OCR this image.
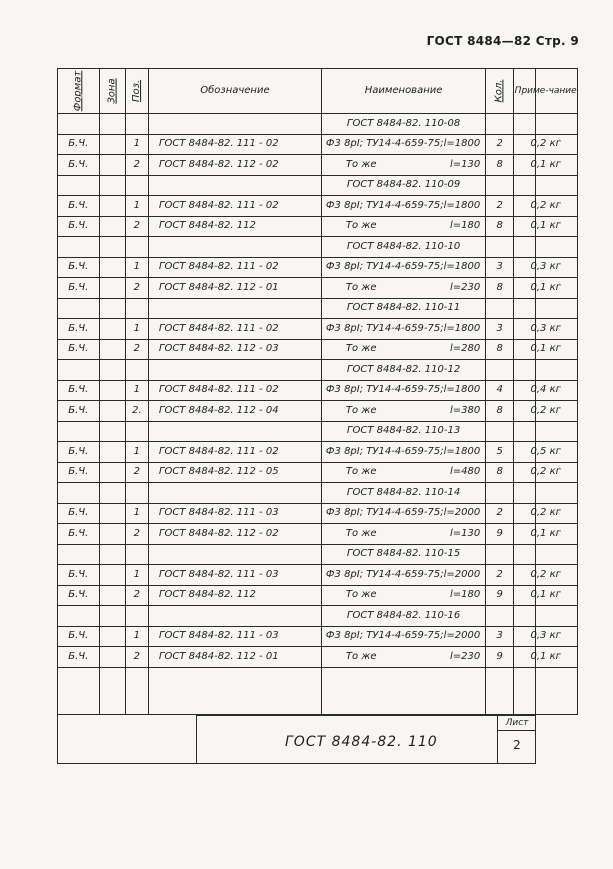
ГОСТ 8484—82 Стр. 9
Формат	Зона	Поз.	Обозначение	Наименование	Кол.	Приме-чание
				ГОСТ 8484-82. 110-08		
Б.Ч.		1	ГОСТ 8484-82. 111 - 02	Ф3 8рI; ТУ14-4-659-75; l=1800	2	0,2 кг
Б.Ч.		2	ГОСТ 8484-82. 112 - 02	То же l=130	8	0,1 кг
				ГОСТ 8484-82. 110-09		
Б.Ч.		1	ГОСТ 8484-82. 111 - 02	Ф3 8рI; ТУ14-4-659-75; l=1800	2	0,2 кг
Б.Ч.		2	ГОСТ 8484-82. 112	То же l=180	8	0,1 кг
				ГОСТ 8484-82. 110-10		
Б.Ч.		1	ГОСТ 8484-82. 111 - 02	Ф3 8рI; ТУ14-4-659-75; l=1800	3	0,3 кг
Б.Ч.		2	ГОСТ 8484-82. 112 - 01	То же l=230	8	0,1 кг
				ГОСТ 8484-82. 110-11		
Б.Ч.		1	ГОСТ 8484-82. 111 - 02	Ф3 8рI; ТУ14-4-659-75; l=1800	3	0,3 кг
Б.Ч.		2	ГОСТ 8484-82. 112 - 03	То же l=280	8	0,1 кг
				ГОСТ 8484-82. 110-12		
Б.Ч.		1	ГОСТ 8484-82. 111 - 02	Ф3 8рI; ТУ14-4-659-75; l=1800	4	0,4 кг
Б.Ч.		2.	ГОСТ 8484-82. 112 - 04	То же l=380	8	0,2 кг
				ГОСТ 8484-82. 110-13		
Б.Ч.		1	ГОСТ 8484-82. 111 - 02	Ф3 8рI; ТУ14-4-659-75; l=1800	5	0,5 кг
Б.Ч.		2	ГОСТ 8484-82. 112 - 05	То же l=480	8	0,2 кг
				ГОСТ 8484-82. 110-14		
Б.Ч.		1	ГОСТ 8484-82. 111 - 03	Ф3 8рI; ТУ14-4-659-75; l=2000	2	0,2 кг
Б.Ч.		2	ГОСТ 8484-82. 112 - 02	То же l=130	9	0,1 кг
				ГОСТ 8484-82. 110-15		
Б.Ч.		1	ГОСТ 8484-82. 111 - 03	Ф3 8рI; ТУ14-4-659-75; l=2000	2	0,2 кг
Б.Ч.		2	ГОСТ 8484-82. 112	То же l=180	9	0,1 кг
				ГОСТ 8484-82. 110-16		
Б.Ч.		1	ГОСТ 8484-82. 111 - 03	Ф3 8рI; ТУ14-4-659-75; l=2000	3	0,3 кг
Б.Ч.		2	ГОСТ 8484-82. 112 - 01	То же l=230	9	0,1 кг

ГОСТ 8484-82. 110
Лист
2
